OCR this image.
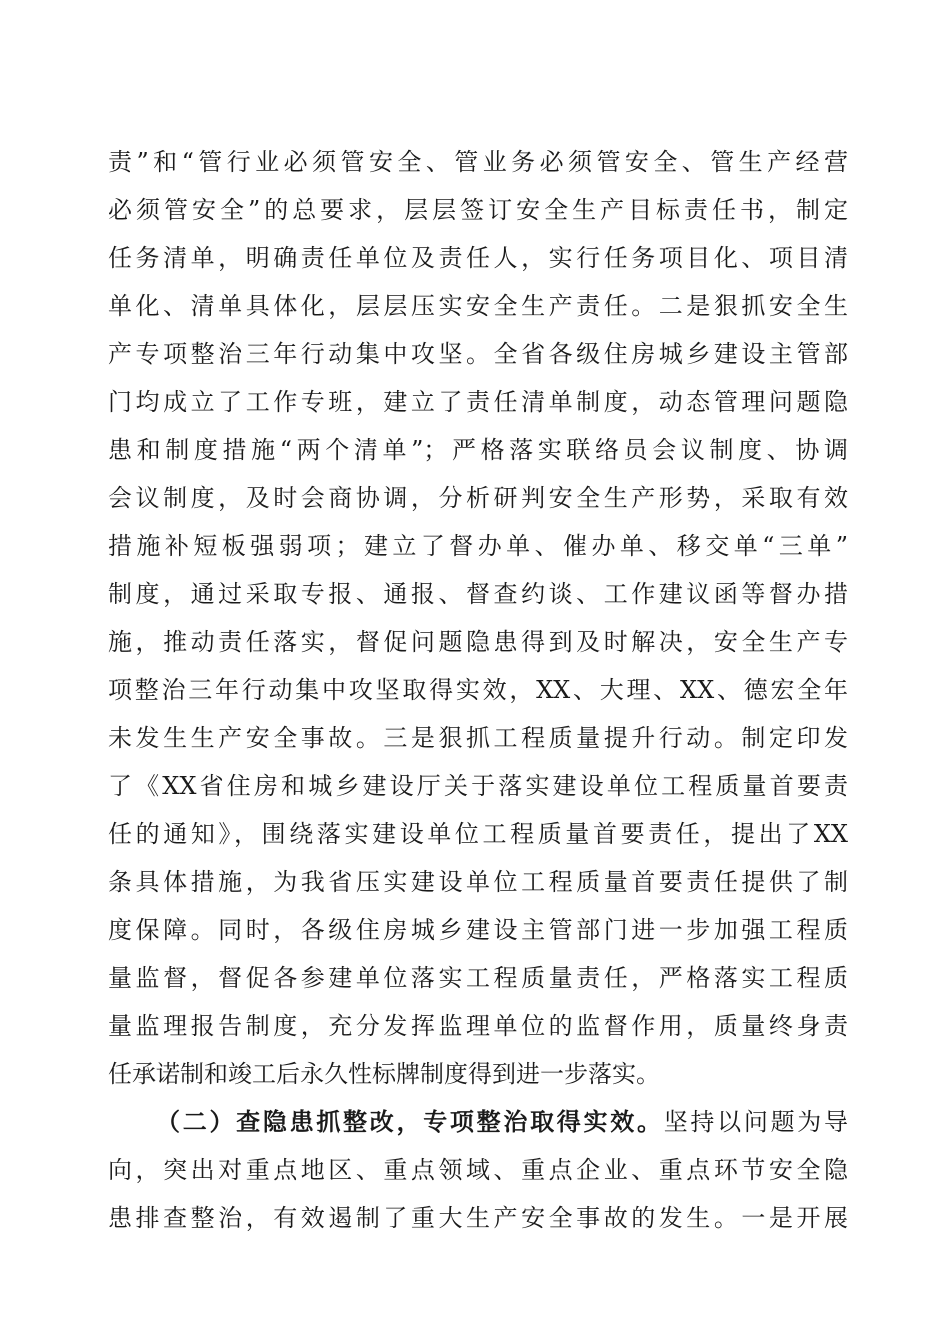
责”和“管行业必须管安全、管业务必须管安全、管生产经营
必须管安全”的总要求，层层签订安全生产目标责任书，制定
任务清单，明确责任单位及责任人，实行任务项目化、项目清
单化、清单具体化，层层压实安全生产责任。二是狠抓安全生
产专项整治三年行动集中攻坚。全省各级住房城乡建设主管部
门均成立了工作专班，建立了责任清单制度，动态管理问题隐
患和制度措施“两个清单”；严格落实联络员会议制度、协调
会议制度，及时会商协调，分析研判安全生产形势，采取有效
措施补短板强弱项；建立了督办单、催办单、移交单“三单”
制度，通过采取专报、通报、督查约谈、工作建议函等督办措
施，推动责任落实，督促问题隐患得到及时解决，安全生产专
项整治三年行动集中攻坚取得实效，XX、大理、XX、德宏全年
未发生生产安全事故。三是狠抓工程质量提升行动。制定印发
了《XX省住房和城乡建设厅关于落实建设单位工程质量首要责
任的通知》，围绕落实建设单位工程质量首要责任，提出了XX
条具体措施，为我省压实建设单位工程质量首要责任提供了制
度保障。同时，各级住房城乡建设主管部门进一步加强工程质
量监督，督促各参建单位落实工程质量责任，严格落实工程质
量监理报告制度，充分发挥监理单位的监督作用，质量终身责
任承诺制和竣工后永久性标牌制度得到进一步落实。
（二）查隐患抓整改，专项整治取得实效。坚持以问题为导
向，突出对重点地区、重点领域、重点企业、重点环节安全隐
患排查整治，有效遏制了重大生产安全事故的发生。一是开展
